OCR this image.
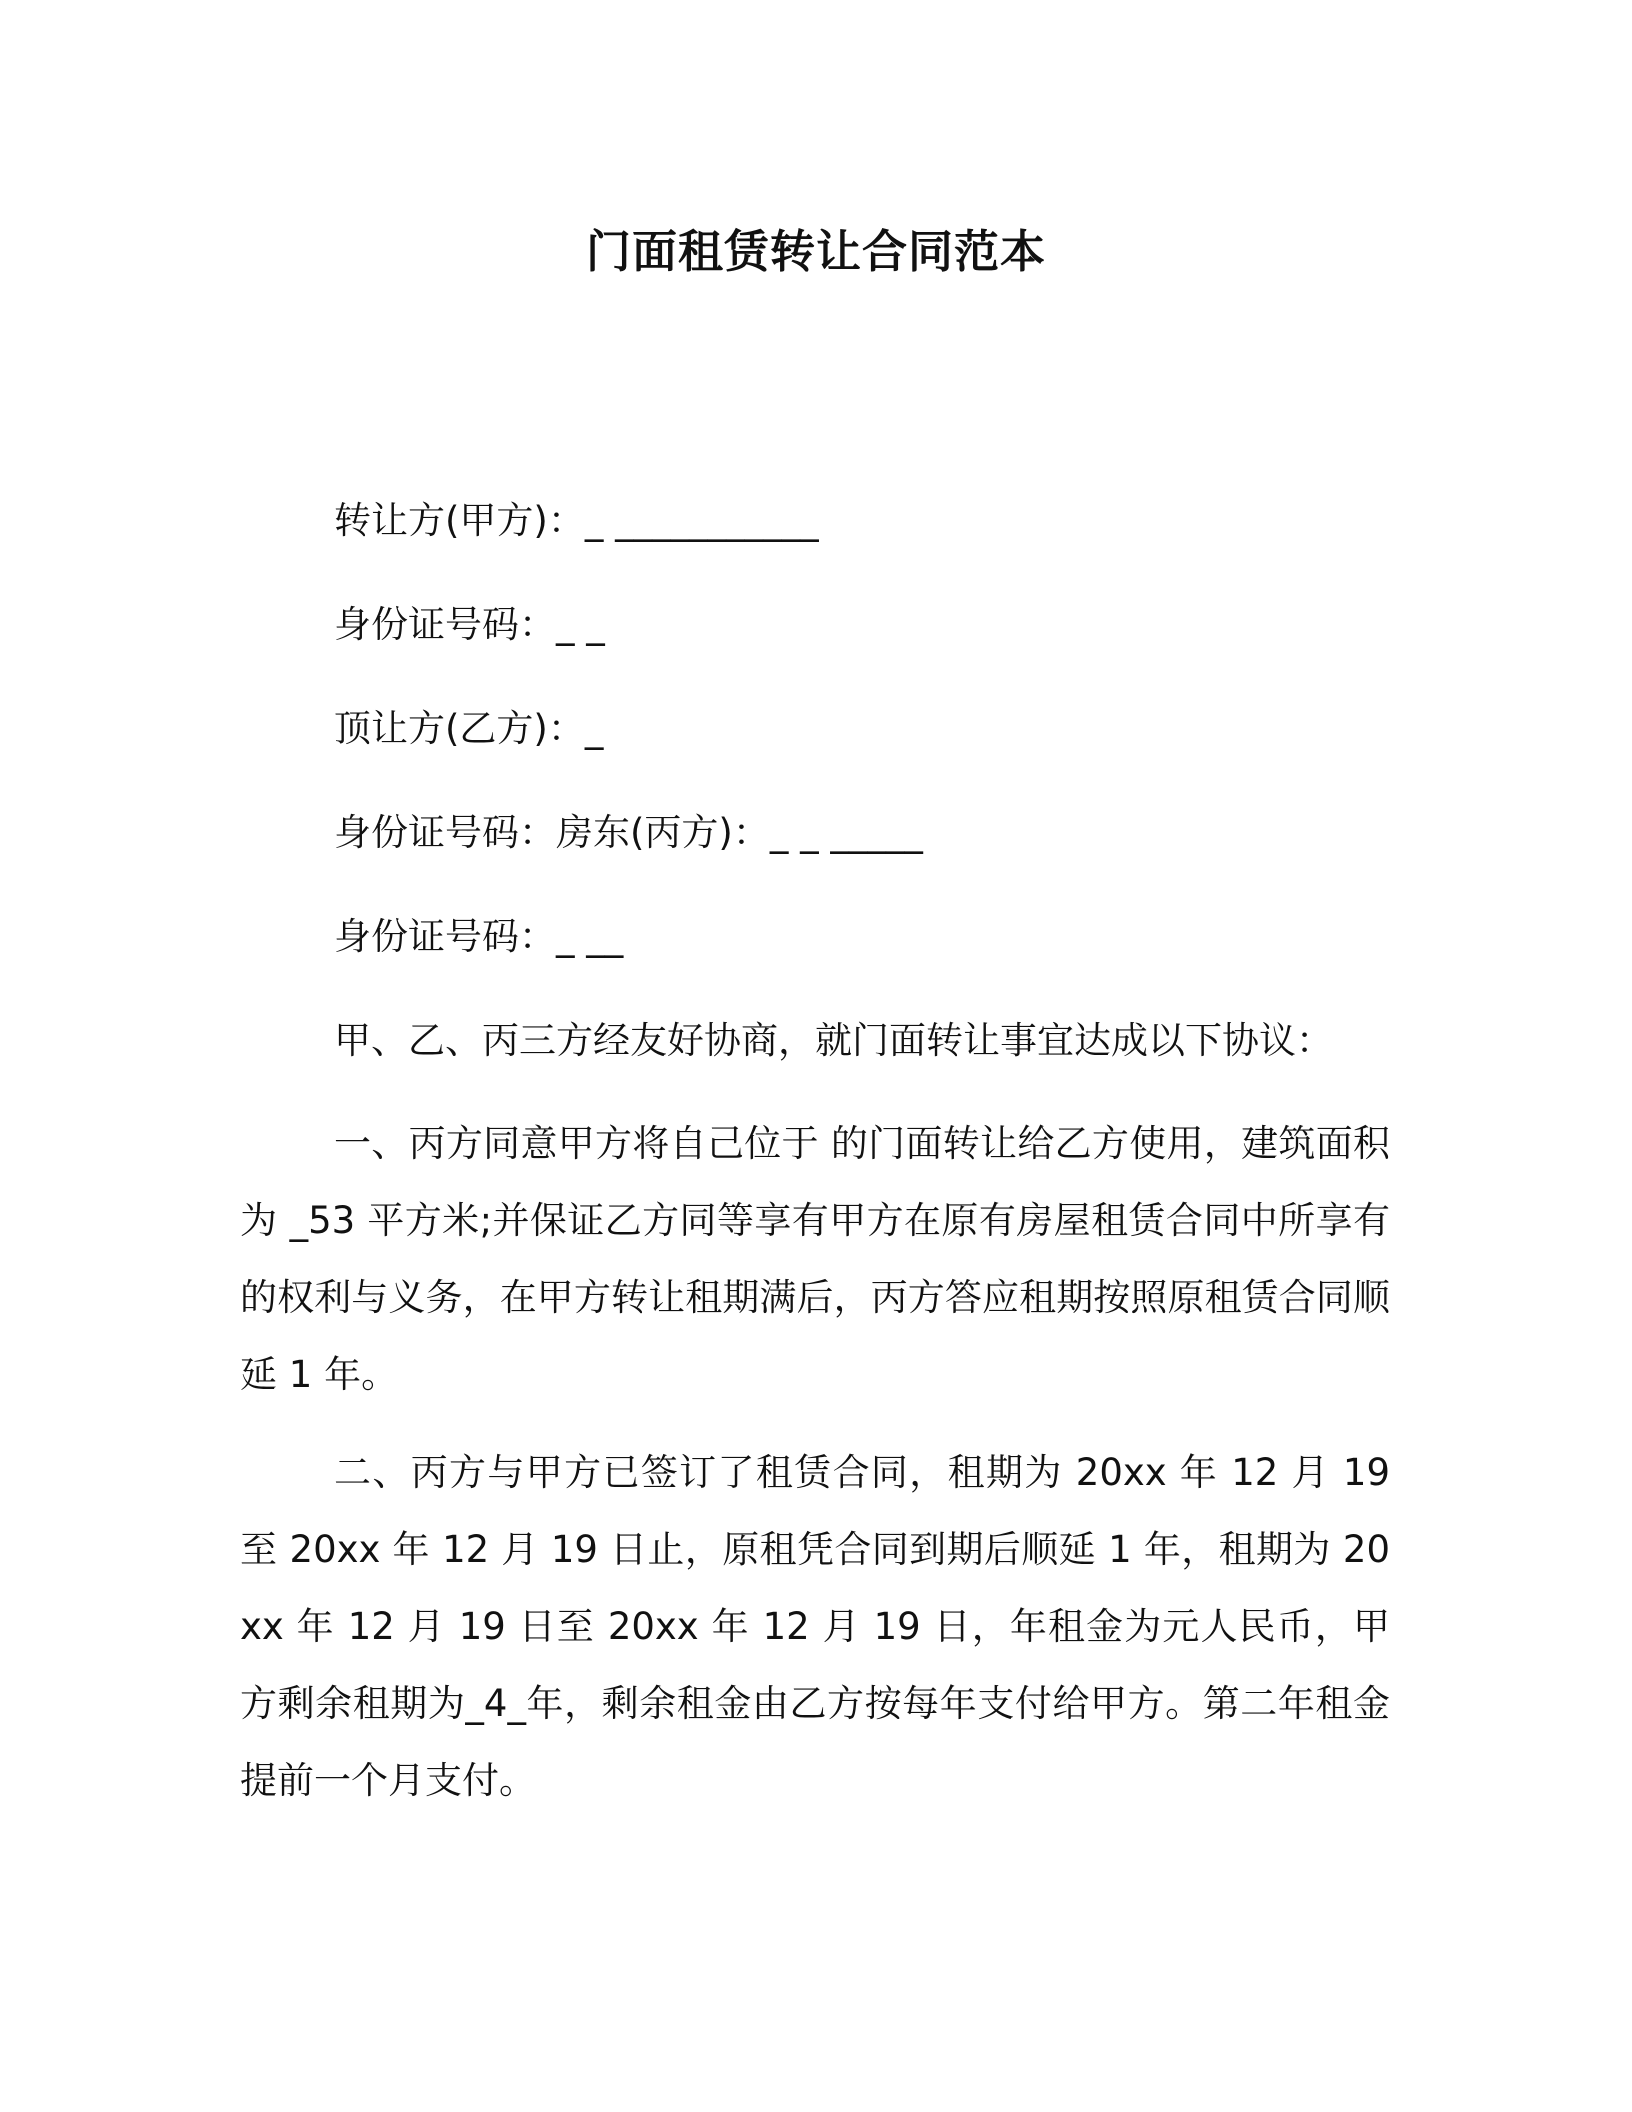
门面租赁转让合同范本
转让方(甲方)：_ ___________
身份证号码：_ _
顶让方(乙方)：_
身份证号码：房东(丙方)：_ _ _____
身份证号码：_ __
甲、乙、丙三方经友好协商，就门面转让事宜达成以下协议：
一、丙方同意甲方将自己位于 的门面转让给乙方使用，建筑面积为 _53 平方米;并保证乙方同等享有甲方在原有房屋租赁合同中所享有的权利与义务，在甲方转让租期满后，丙方答应租期按照原租赁合同顺延 1 年。
二、丙方与甲方已签订了租赁合同，租期为 20xx 年 12 月 19 至 20xx 年 12 月 19 日止，原租凭合同到期后顺延 1 年，租期为 20xx 年 12 月 19 日至 20xx 年 12 月 19 日，年租金为元人民币，甲方剩余租期为_4_年，剩余租金由乙方按每年支付给甲方。第二年租金提前一个月支付。
